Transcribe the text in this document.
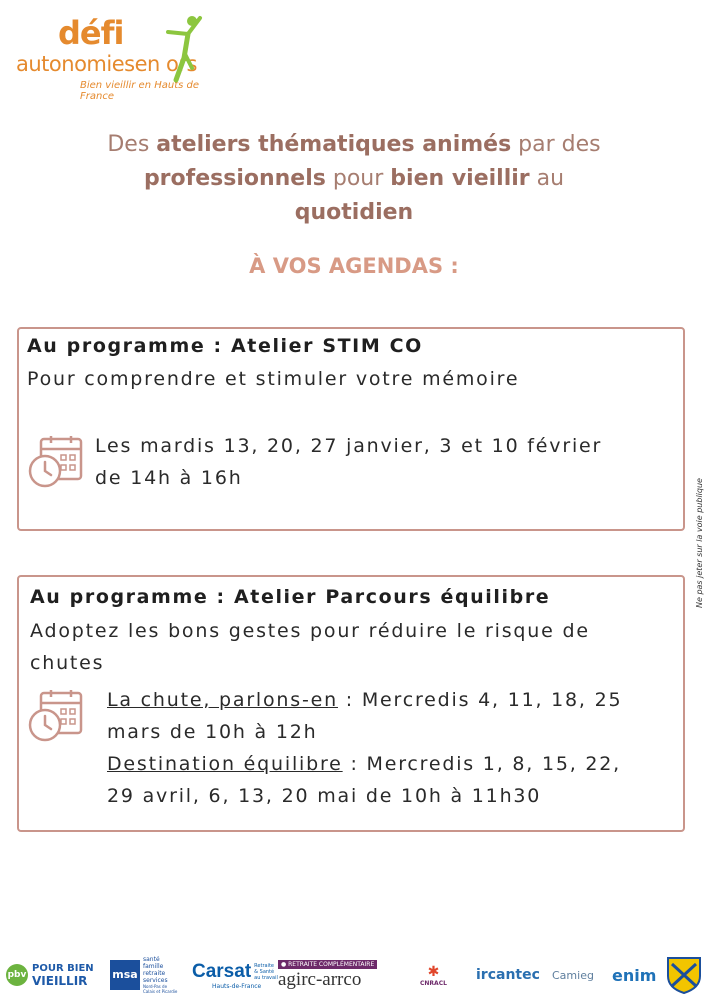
défi
autonomiesen ors
Bien vieillir en Hauts de France
Des ateliers thématiques animés par des professionnels pour bien vieillir au
quotidien
À VOS AGENDAS :
Au programme : Atelier STIM CO
Pour comprendre et stimuler votre mémoire
Les mardis 13, 20, 27 janvier, 3 et 10 février
de 14h à 16h
Au programme : Atelier Parcours équilibre
Adoptez les bons gestes pour réduire le risque de
chutes
La chute, parlons-en : Mercredis 4, 11, 18, 25
mars de 10h à 12h
Destination équilibre : Mercredis 1, 8, 15, 22,
29 avril, 6, 13, 20 mai de 10h à 11h30
Ne pas jeter sur la voie publique
pbv
POUR BIEN
VIEILLIR	msa
santé famille retraite services
Nord-Pas de Calais et Picardie
Carsat Retraite & Santé au travail
Hauts-de-France
● RETRAITE COMPLÉMENTAIRE
agirc-arrco	✱
CNRACL ircantec Camieg enim
